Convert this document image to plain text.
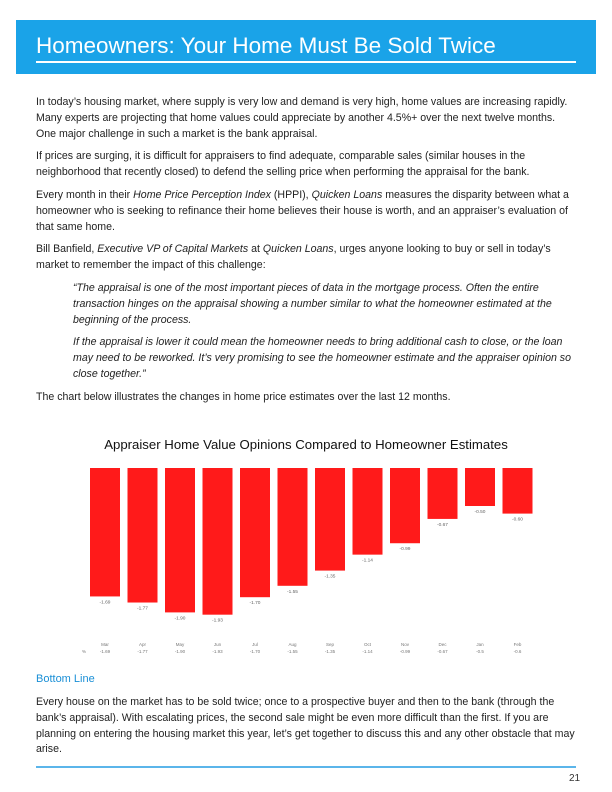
Homeowners: Your Home Must Be Sold Twice

In today’s housing market, where supply is very low and demand is very high, home values are increasing rapidly. Many experts are projecting that home values could appreciate by another 4.5%+ over the next twelve months. One major challenge in such a market is the bank appraisal.

If prices are surging, it is difficult for appraisers to find adequate, comparable sales (similar houses in the neighborhood that recently closed) to defend the selling price when performing the appraisal for the bank.

Every month in their Home Price Perception Index (HPPI), Quicken Loans measures the disparity between what a homeowner who is seeking to refinance their home believes their house is worth, and an appraiser’s evaluation of that same home.

Bill Banfield, Executive VP of Capital Markets at Quicken Loans, urges anyone looking to buy or sell in today’s market to remember the impact of this challenge:

“The appraisal is one of the most important pieces of data in the mortgage process. Often the entire transaction hinges on the appraisal showing a number similar to what the homeowner estimated at the beginning of the process.

If the appraisal is lower it could mean the homeowner needs to bring additional cash to close, or the loan may need to be reworked. It’s very promising to see the homeowner estimate and the appraiser opinion so close together.”

The chart below illustrates the changes in home price estimates over the last 12 months.

Appraiser Home Value Opinions Compared to Homeowner Estimates
-1.69
-1.77
-1.90	-1.93
-1.70
-1.55
-1.35
-1.14
-0.99
-0.67
-0.50
-0.60
Mar	Apr	May	Jun	Jul	Aug	Sep	Oct	Nov	Dec	Jan	Feb
-1.69	-1.77	-1.90	-1.93	-1.70	-1.55	-1.35	-1.14	-0.99	-0.67	-0.5	-0.6
%
Bottom Line
Every house on the market has to be sold twice; once to a prospective buyer and then to the bank (through the bank’s appraisal). With escalating prices, the second sale might be even more difficult than the first. If you are planning on entering the housing market this year, let’s get together to discuss this and any other obstacle that may arise.
21
